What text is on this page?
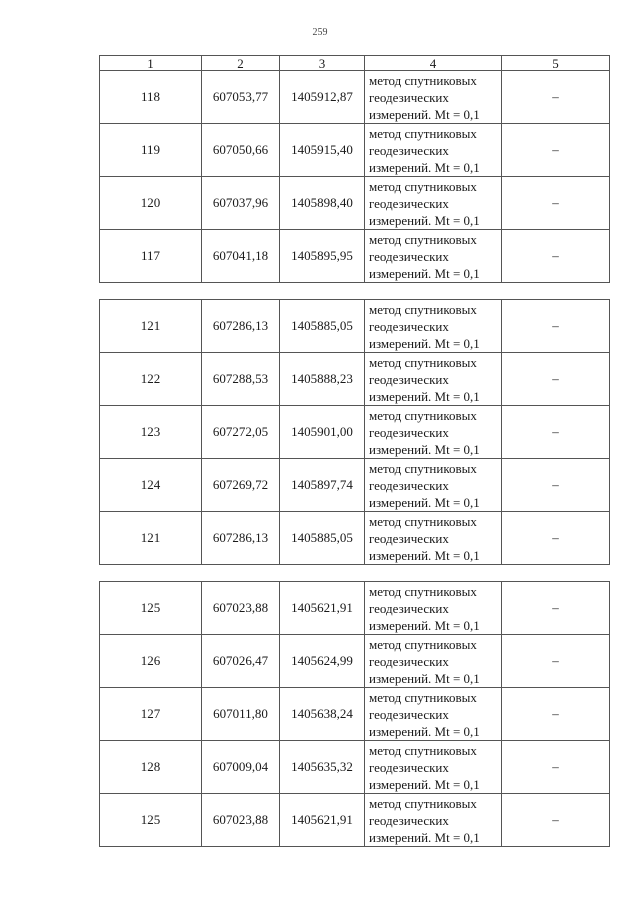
259
1	2	3	4	5
118	607053,77	1405912,87	метод спутниковых
геодезических
измерений. Mt = 0,1	–
119	607050,66	1405915,40	метод спутниковых
геодезических
измерений. Mt = 0,1	–
120	607037,96	1405898,40	метод спутниковых
геодезических
измерений. Mt = 0,1	–
117	607041,18	1405895,95	метод спутниковых
геодезических
измерений. Mt = 0,1	–

121	607286,13	1405885,05	метод спутниковых
геодезических
измерений. Mt = 0,1	–
122	607288,53	1405888,23	метод спутниковых
геодезических
измерений. Mt = 0,1	–
123	607272,05	1405901,00	метод спутниковых
геодезических
измерений. Mt = 0,1	–
124	607269,72	1405897,74	метод спутниковых
геодезических
измерений. Mt = 0,1	–
121	607286,13	1405885,05	метод спутниковых
геодезических
измерений. Mt = 0,1	–

125	607023,88	1405621,91	метод спутниковых
геодезических
измерений. Mt = 0,1	–
126	607026,47	1405624,99	метод спутниковых
геодезических
измерений. Mt = 0,1	–
127	607011,80	1405638,24	метод спутниковых
геодезических
измерений. Mt = 0,1	–
128	607009,04	1405635,32	метод спутниковых
геодезических
измерений. Mt = 0,1	–
125	607023,88	1405621,91	метод спутниковых
геодезических
измерений. Mt = 0,1	–
